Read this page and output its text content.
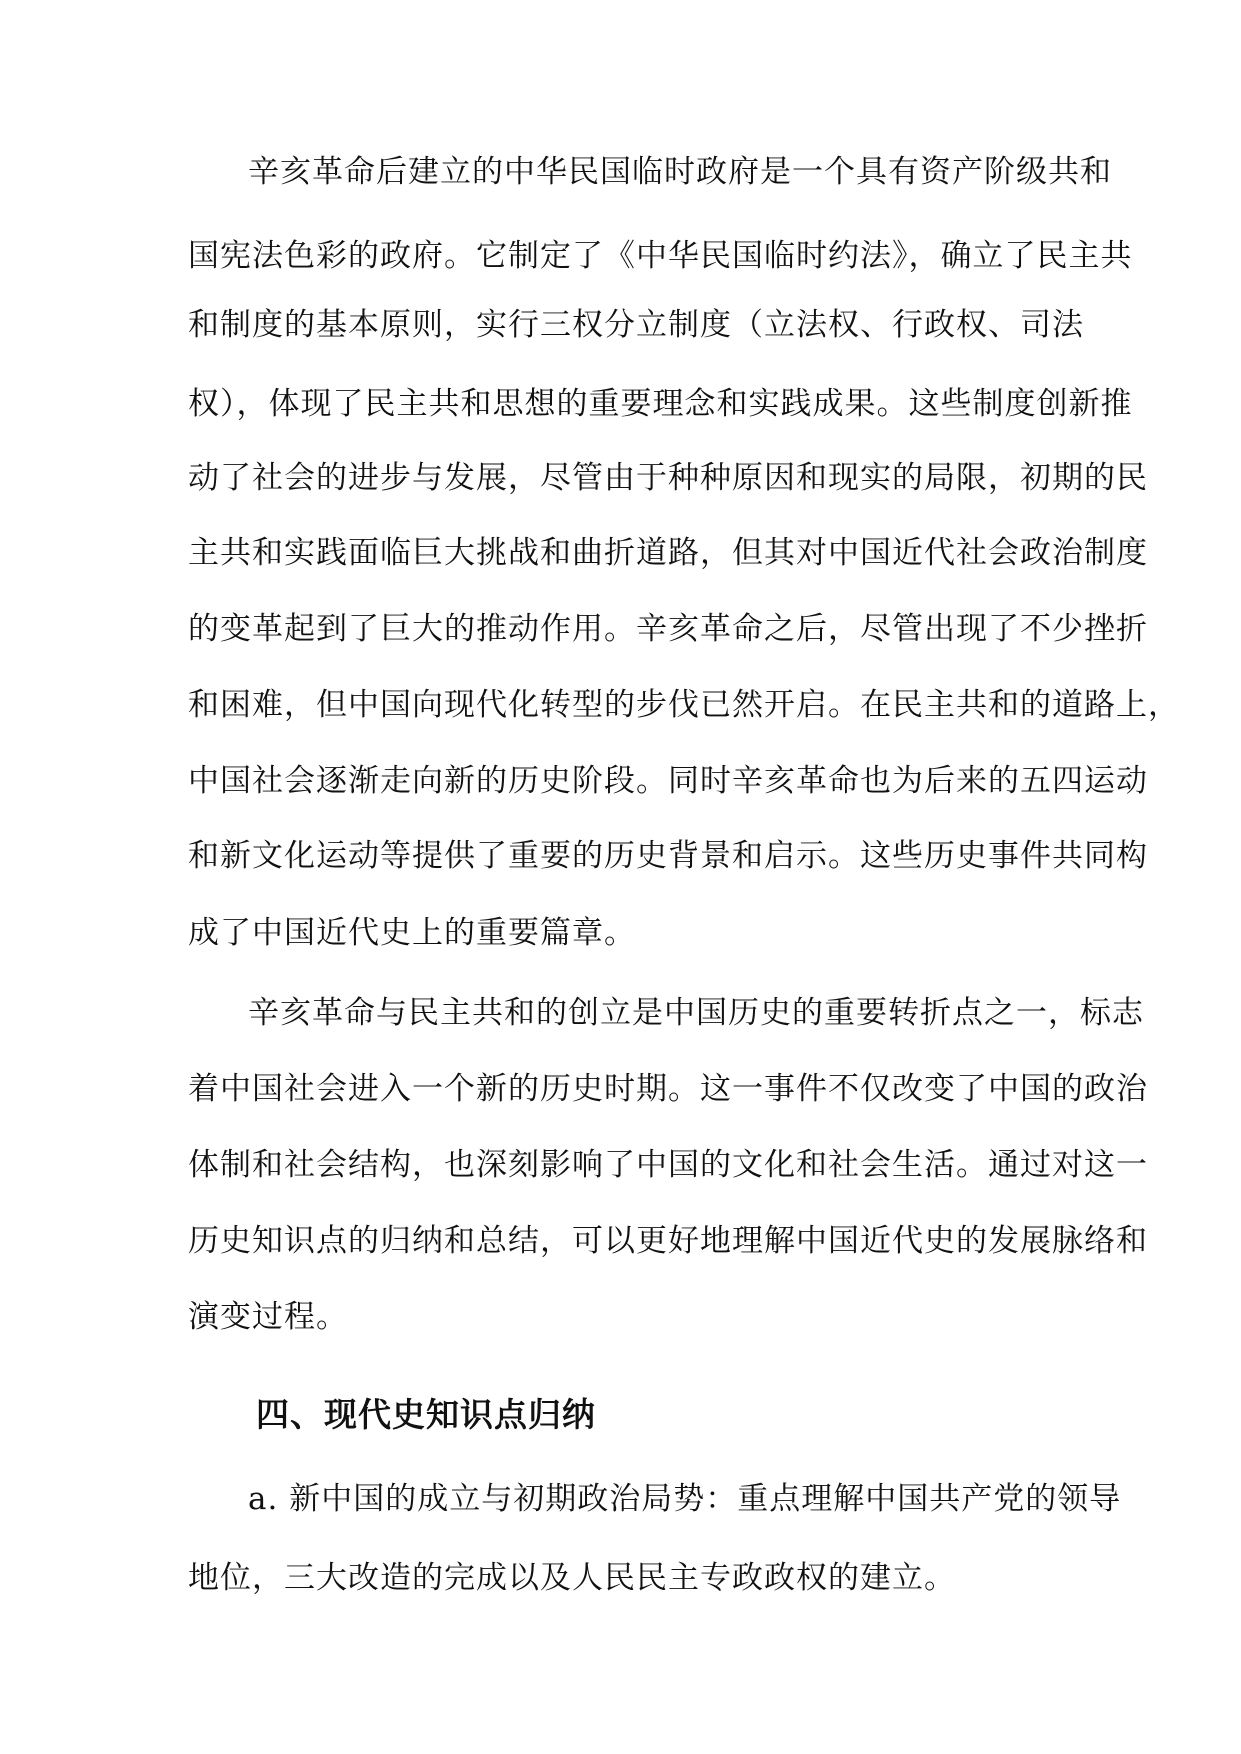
辛亥革命后建立的中华民国临时政府是一个具有资产阶级共和
国宪法色彩的政府。它制定了《中华民国临时约法》，确立了民主共
和制度的基本原则，实行三权分立制度（立法权、行政权、司法
权），体现了民主共和思想的重要理念和实践成果。这些制度创新推
动了社会的进步与发展，尽管由于种种原因和现实的局限，初期的民
主共和实践面临巨大挑战和曲折道路，但其对中国近代社会政治制度
的变革起到了巨大的推动作用。辛亥革命之后，尽管出现了不少挫折
和困难，但中国向现代化转型的步伐已然开启。在民主共和的道路上，
中国社会逐渐走向新的历史阶段。同时辛亥革命也为后来的五四运动
和新文化运动等提供了重要的历史背景和启示。这些历史事件共同构
成了中国近代史上的重要篇章。
辛亥革命与民主共和的创立是中国历史的重要转折点之一，标志
着中国社会进入一个新的历史时期。这一事件不仅改变了中国的政治
体制和社会结构，也深刻影响了中国的文化和社会生活。通过对这一
历史知识点的归纳和总结，可以更好地理解中国近代史的发展脉络和
演变过程。
四、现代史知识点归纳
a. 新中国的成立与初期政治局势：重点理解中国共产党的领导
地位，三大改造的完成以及人民民主专政政权的建立。
